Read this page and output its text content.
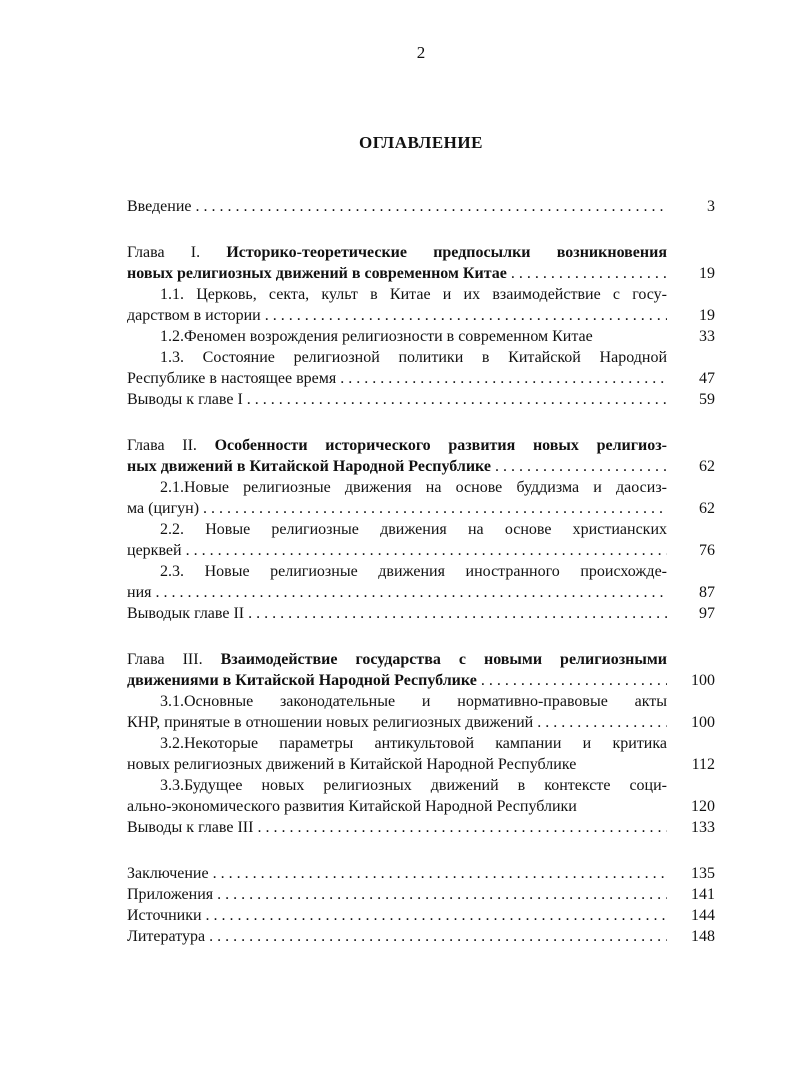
2
ОГЛАВЛЕНИЕ
Введение . . .	3
Глава I. Историко-теоретические предпосылки возникновения
новых религиозных движений в современном Китае . . .	19
1.1. Церковь, секта, культ в Китае и их взаимодействие с госу-
дарством в истории . . .	19
1.2.Феномен возрождения религиозности в современном Китае	33
1.3. Состояние религиозной политики в Китайской Народной
Республике в настоящее время . . .	47
Выводы к главе I . . .	59
Глава II. Особенности исторического развития новых религиоз-
ных движений в Китайской Народной Республике . . .	62
2.1.Новые религиозные движения на основе буддизма и даосиз-
ма (цигун) . . .	62
2.2. Новые религиозные движения на основе христианских
церквей . . .	76
2.3. Новые религиозные движения иностранного происхожде-
ния . . .	87
Выводык главе II . . .	97
Глава III. Взаимодействие государства с новыми религиозными
движениями в Китайской Народной Республике . . .	100
3.1.Основные законодательные и нормативно-правовые акты
КНР, принятые в отношении новых религиозных движений . . .	100
3.2.Некоторые параметры антикультовой кампании и критика
новых религиозных движений в Китайской Народной Республике	112
3.3.Будущее новых религиозных движений в контексте соци-
ально-экономического развития Китайской Народной Республики	120
Выводы к главе III . . .	133
Заключение . . .	135
Приложения . . .	141
Источники . . .	144
Литература . . .	148
